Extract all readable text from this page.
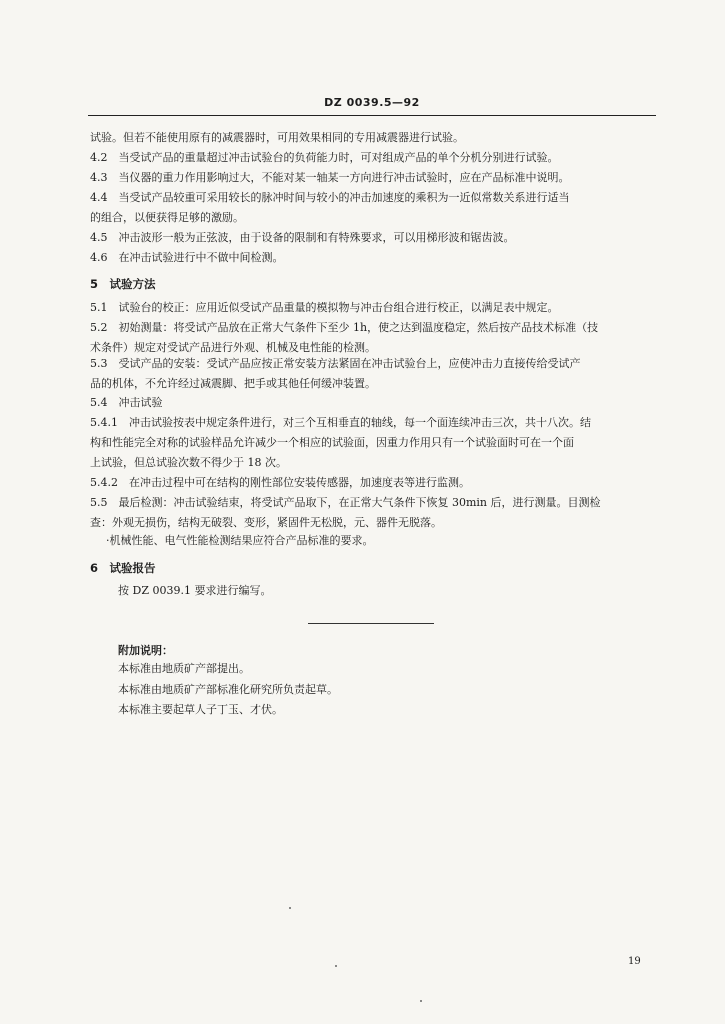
DZ 0039.5—92
试验。但若不能使用原有的减震器时，可用效果相同的专用减震器进行试验。
4.2　当受试产品的重量超过冲击试验台的负荷能力时，可对组成产品的单个分机分别进行试验。
4.3　当仪器的重力作用影响过大，不能对某一轴某一方向进行冲击试验时，应在产品标准中说明。
4.4　当受试产品较重可采用较长的脉冲时间与较小的冲击加速度的乘积为一近似常数关系进行适当
的组合，以便获得足够的激励。
4.5　冲击波形一般为正弦波，由于设备的限制和有特殊要求，可以用梯形波和锯齿波。
4.6　在冲击试验进行中不做中间检测。
5　试验方法
5.1　试验台的校正：应用近似受试产品重量的模拟物与冲击台组合进行校正，以满足表中规定。
5.2　初始测量：将受试产品放在正常大气条件下至少 1h，使之达到温度稳定，然后按产品技术标准（技
术条件）规定对受试产品进行外观、机械及电性能的检测。
5.3　受试产品的安装：受试产品应按正常安装方法紧固在冲击试验台上，应使冲击力直接传给受试产
品的机体，不允许经过减震脚、把手或其他任何缓冲装置。
5.4　冲击试验
5.4.1　冲击试验按表中规定条件进行，对三个互相垂直的轴线，每一个面连续冲击三次，共十八次。结
构和性能完全对称的试验样品允许减少一个相应的试验面，因重力作用只有一个试验面时可在一个面
上试验，但总试验次数不得少于 18 次。
5.4.2　在冲击过程中可在结构的刚性部位安装传感器，加速度表等进行监测。
5.5　最后检测：冲击试验结束，将受试产品取下，在正常大气条件下恢复 30min 后，进行测量。目测检
查：外观无损伤，结构无破裂、变形，紧固件无松脱，元、器件无脱落。
·机械性能、电气性能检测结果应符合产品标准的要求。
6　试验报告
按 DZ 0039.1 要求进行编写。
附加说明：
本标准由地质矿产部提出。
本标准由地质矿产部标准化研究所负责起草。
本标准主要起草人子丁玉、才伏。
19
